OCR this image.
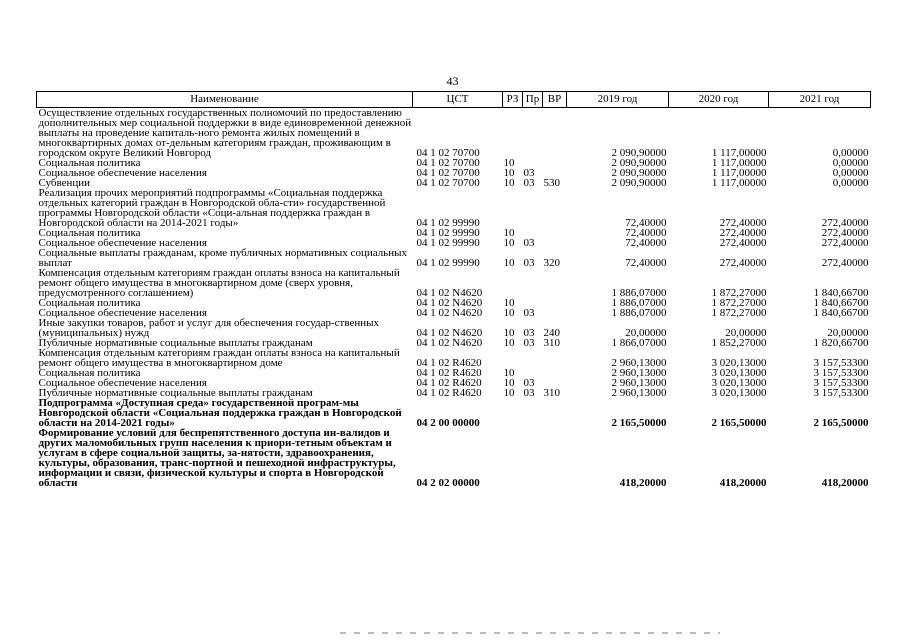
43
Наименование	ЦСТ	РЗ	Пр	ВР	2019 год	2020 год	2021 год
Осуществление отдельных государственных полномочий по предоставлению дополнительных мер социальной поддержки в виде единовременной денежной выплаты на проведение капиталь-ного ремонта жилых помещений в многоквартирных домах от-дельным категориям граждан, проживающим в городском округе Великий Новгород	04 1 02 70700				2 090,90000	1 117,00000	0,00000
Социальная политика	04 1 02 70700	10			2 090,90000	1 117,00000	0,00000
Социальное обеспечение населения	04 1 02 70700	10	03		2 090,90000	1 117,00000	0,00000
Субвенции	04 1 02 70700	10	03	530	2 090,90000	1 117,00000	0,00000
Реализация прочих мероприятий подпрограммы «Социальная поддержка отдельных категорий граждан в Новгородской обла-сти» государственной программы Новгородской области «Соци-альная поддержка граждан в Новгородской области на 2014-2021 годы»	04 1 02 99990				72,40000	272,40000	272,40000
Социальная политика	04 1 02 99990	10			72,40000	272,40000	272,40000
Социальное обеспечение населения	04 1 02 99990	10	03		72,40000	272,40000	272,40000
Социальные выплаты гражданам, кроме публичных нормативных социальных выплат	04 1 02 99990	10	03	320	72,40000	272,40000	272,40000
Компенсация отдельным категориям граждан оплаты взноса на капитальный ремонт общего имущества в многоквартирном доме (сверх уровня, предусмотренного соглашением)	04 1 02 N4620				1 886,07000	1 872,27000	1 840,66700
Социальная политика	04 1 02 N4620	10			1 886,07000	1 872,27000	1 840,66700
Социальное обеспечение населения	04 1 02 N4620	10	03		1 886,07000	1 872,27000	1 840,66700
Иные закупки товаров, работ и услуг для обеспечения государ-ственных (муниципальных) нужд	04 1 02 N4620	10	03	240	20,00000	20,00000	20,00000
Публичные нормативные социальные выплаты гражданам	04 1 02 N4620	10	03	310	1 866,07000	1 852,27000	1 820,66700
Компенсация отдельным категориям граждан оплаты взноса на капитальный ремонт общего имущества в многоквартирном доме	04 1 02 R4620				2 960,13000	3 020,13000	3 157,53300
Социальная политика	04 1 02 R4620	10			2 960,13000	3 020,13000	3 157,53300
Социальное обеспечение населения	04 1 02 R4620	10	03		2 960,13000	3 020,13000	3 157,53300
Публичные нормативные социальные выплаты гражданам	04 1 02 R4620	10	03	310	2 960,13000	3 020,13000	3 157,53300
Подпрограмма «Доступная среда» государственной програм-мы Новгородской области «Социальная поддержка граждан в Новгородской области на 2014-2021 годы»	04 2 00 00000				2 165,50000	2 165,50000	2 165,50000
Формирование условий для беспрепятственного доступа ин-валидов и других маломобильных групп населения к приори-тетным объектам и услугам в сфере социальной защиты, за-нятости, здравоохранения, культуры, образования, транс-портной и пешеходной инфраструктуры, информации и связи, физической культуры и спорта в Новгородской области	04 2 02 00000				418,20000	418,20000	418,20000
